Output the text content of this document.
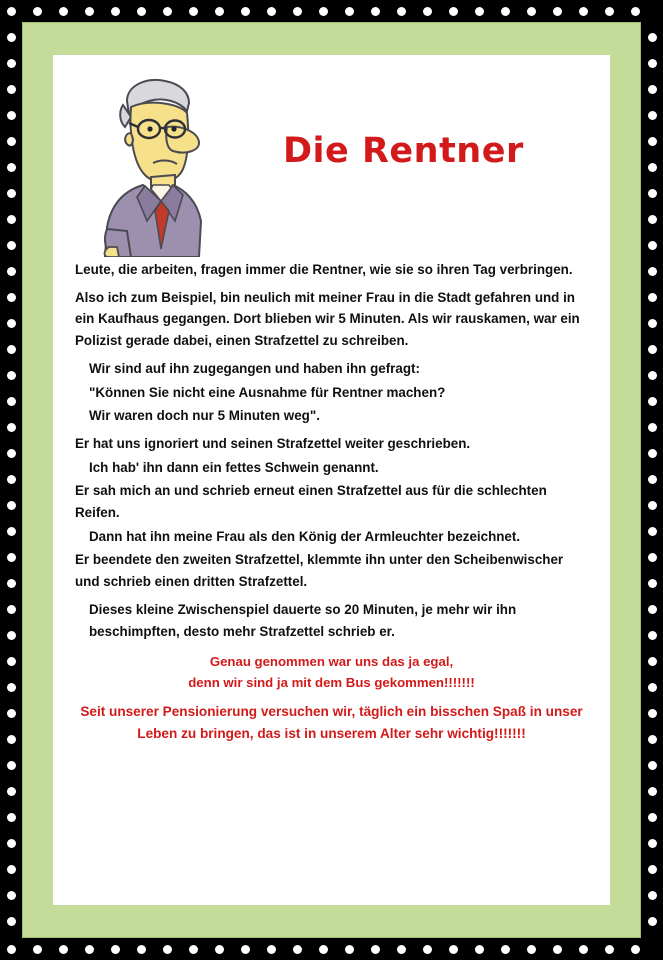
Die Rentner

Leute, die arbeiten, fragen immer die Rentner, wie sie so ihren Tag verbringen.

Also ich zum Beispiel, bin neulich mit meiner Frau in die Stadt gefahren und in ein Kaufhaus gegangen. Dort blieben wir 5 Minuten. Als wir rauskamen, war ein Polizist gerade dabei, einen Strafzettel zu schreiben.

Wir sind auf ihn zugegangen und haben ihn gefragt:

"Können Sie nicht eine Ausnahme für Rentner machen?

Wir waren doch nur 5 Minuten weg".

Er hat uns ignoriert und seinen Strafzettel weiter geschrieben.

Ich hab' ihn dann ein fettes Schwein genannt.

Er sah mich an und schrieb erneut einen Strafzettel aus für die schlechten Reifen.

Dann hat ihn meine Frau als den König der Armleuchter bezeichnet.

Er beendete den zweiten Strafzettel, klemmte ihn unter den Scheibenwischer und schrieb einen dritten Strafzettel.

Dieses kleine Zwischenspiel dauerte so 20 Minuten, je mehr wir ihn beschimpften, desto mehr Strafzettel schrieb er.

Genau genommen war uns das ja egal,
denn wir sind ja mit dem Bus gekommen!!!!!!!
Seit unserer Pensionierung versuchen wir, täglich ein bisschen Spaß in unser Leben zu bringen, das ist in unserem Alter sehr wichtig!!!!!!!
